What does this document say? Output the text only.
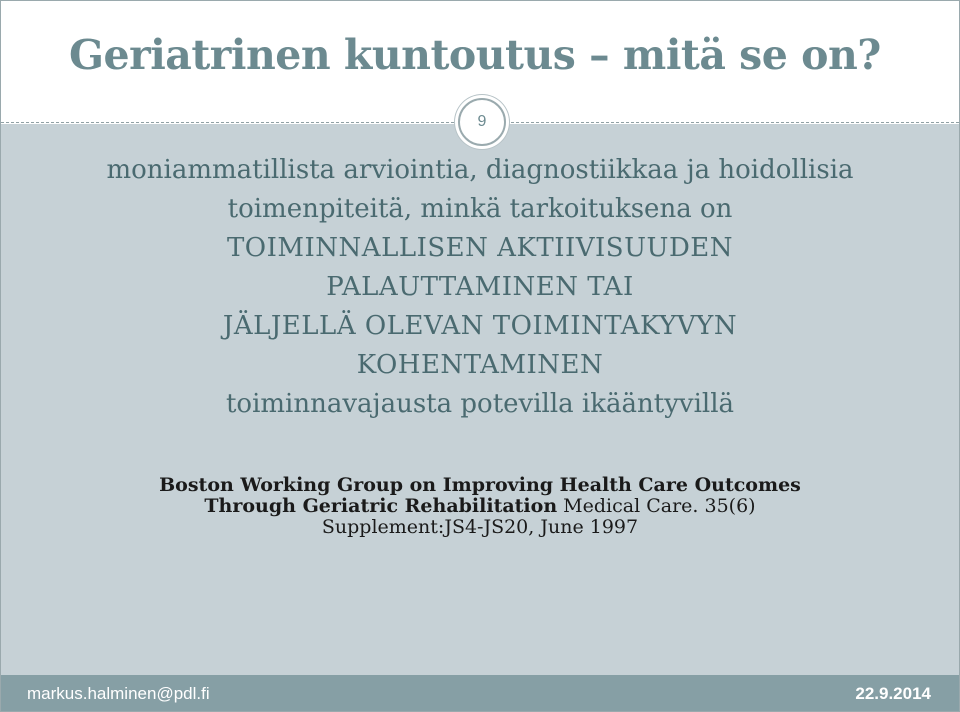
Geriatrinen kuntoutus – mitä se on?
9
moniammatillista arviointia, diagnostiikkaa ja hoidollisia
toimenpiteitä, minkä tarkoituksena on
TOIMINNALLISEN AKTIIVISUUDEN
PALAUTTAMINEN TAI
JÄLJELLÄ OLEVAN TOIMINTAKYVYN
KOHENTAMINEN
toiminnavajausta potevilla ikääntyvillä
Boston Working Group on Improving Health Care Outcomes
Through Geriatric Rehabilitation Medical Care. 35(6)
Supplement:JS4-JS20, June 1997
markus.halminen@pdl.fi	22.9.2014
